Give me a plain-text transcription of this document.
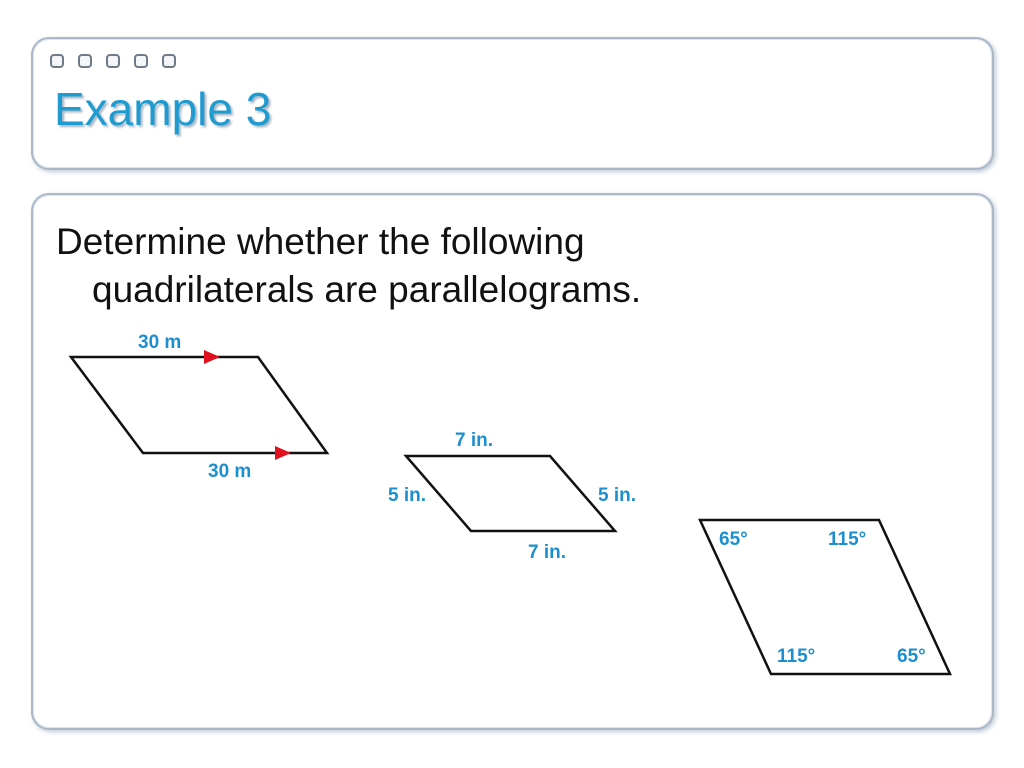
Example 3

Determine whether the following
quadrilaterals are parallelograms.

30 m
30 m
7 in.
7 in.
5 in.	5 in.
65°	115°
115°	65°
